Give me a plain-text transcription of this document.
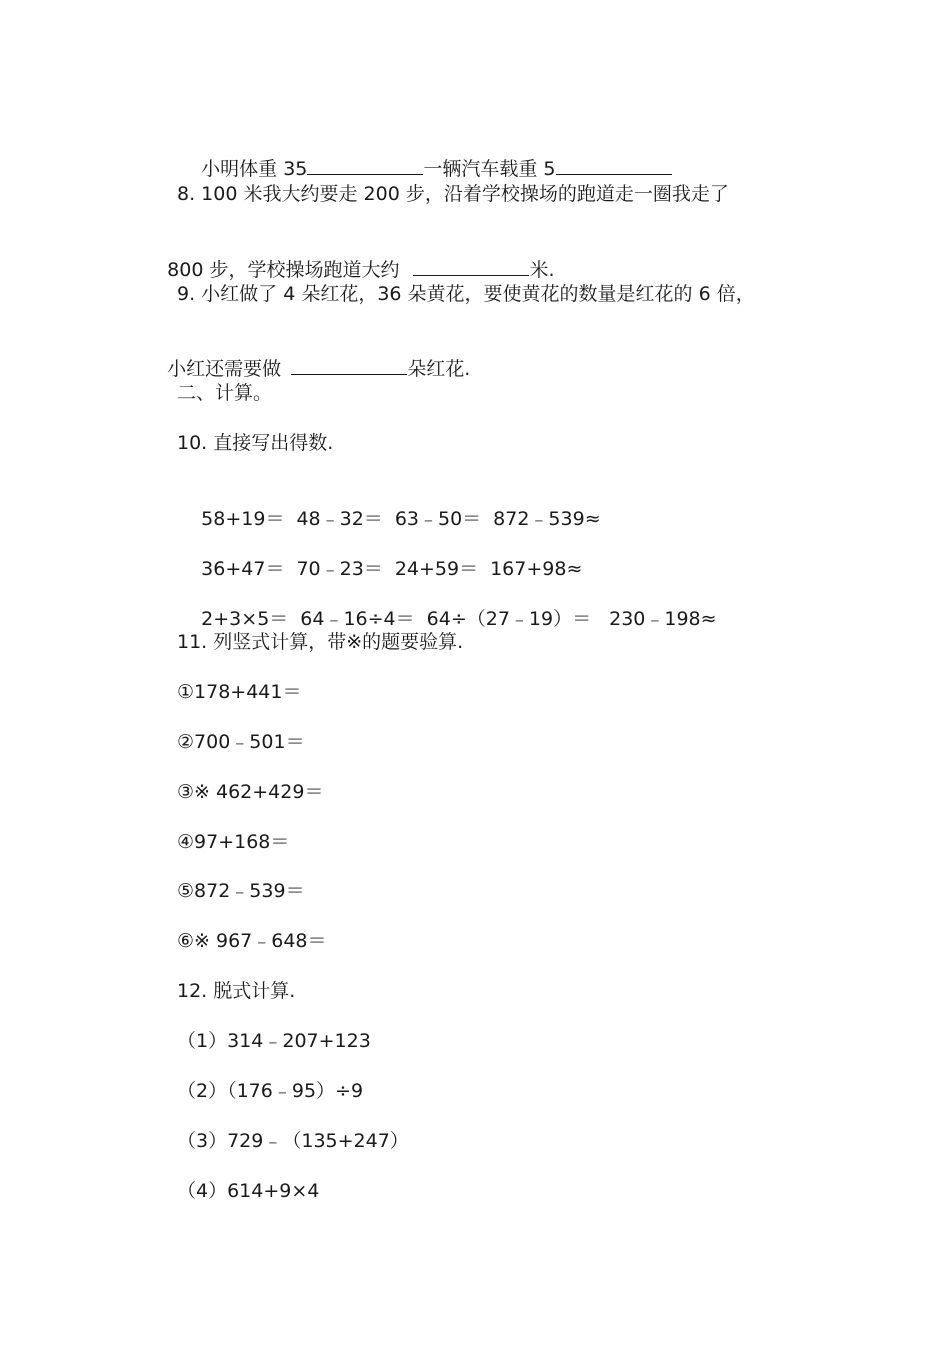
小明体重 35	一辆汽车载重 5

8. 100 米我大约要走 200 步，沿着学校操场的跑道走一圈我走了

800 步，学校操场跑道大约	米.

9. 小红做了 4 朵红花，36 朵黄花，要使黄花的数量是红花的 6 倍，

小红还需要做	朵红花.

二、计算。
10. 直接写出得数.

58+19＝ 48﹣32＝ 63﹣50＝ 872﹣539≈

36+47＝ 70﹣23＝ 24+59＝ 167+98≈

2+3×5＝ 64﹣16÷4＝ 64÷（27﹣19）＝ 230﹣198≈

11. 列竖式计算，带※的题要验算.
①178+441＝
②700﹣501＝
③※ 462+429＝
④97+168＝
⑤872﹣539＝
⑥※ 967﹣648＝
12. 脱式计算.
（1）314﹣207+123
（2）（176﹣95）÷9
（3）729﹣（135+247）
（4）614+9×4
